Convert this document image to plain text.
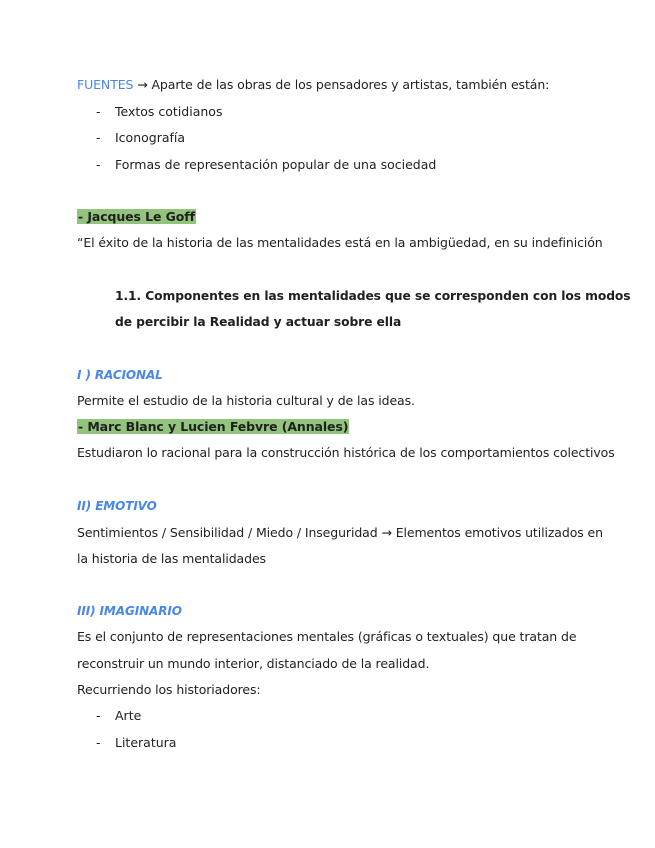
FUENTES → Aparte de las obras de los pensadores y artistas, también están:
- Textos cotidianos
- Iconografía
- Formas de representación popular de una sociedad
- Jacques Le Goff
“El éxito de la historia de las mentalidades está en la ambigüedad, en su indefinición
1.1. Componentes en las mentalidades que se corresponden con los modos
de percibir la Realidad y actuar sobre ella
I ) RACIONAL
Permite el estudio de la historia cultural y de las ideas.
- Marc Blanc y Lucien Febvre (Annales)
Estudiaron lo racional para la construcción histórica de los comportamientos colectivos
II) EMOTIVO
Sentimientos / Sensibilidad / Miedo / Inseguridad → Elementos emotivos utilizados en
la historia de las mentalidades
III) IMAGINARIO
Es el conjunto de representaciones mentales (gráficas o textuales) que tratan de
reconstruir un mundo interior, distanciado de la realidad.
Recurriendo los historiadores:
- Arte
- Literatura
